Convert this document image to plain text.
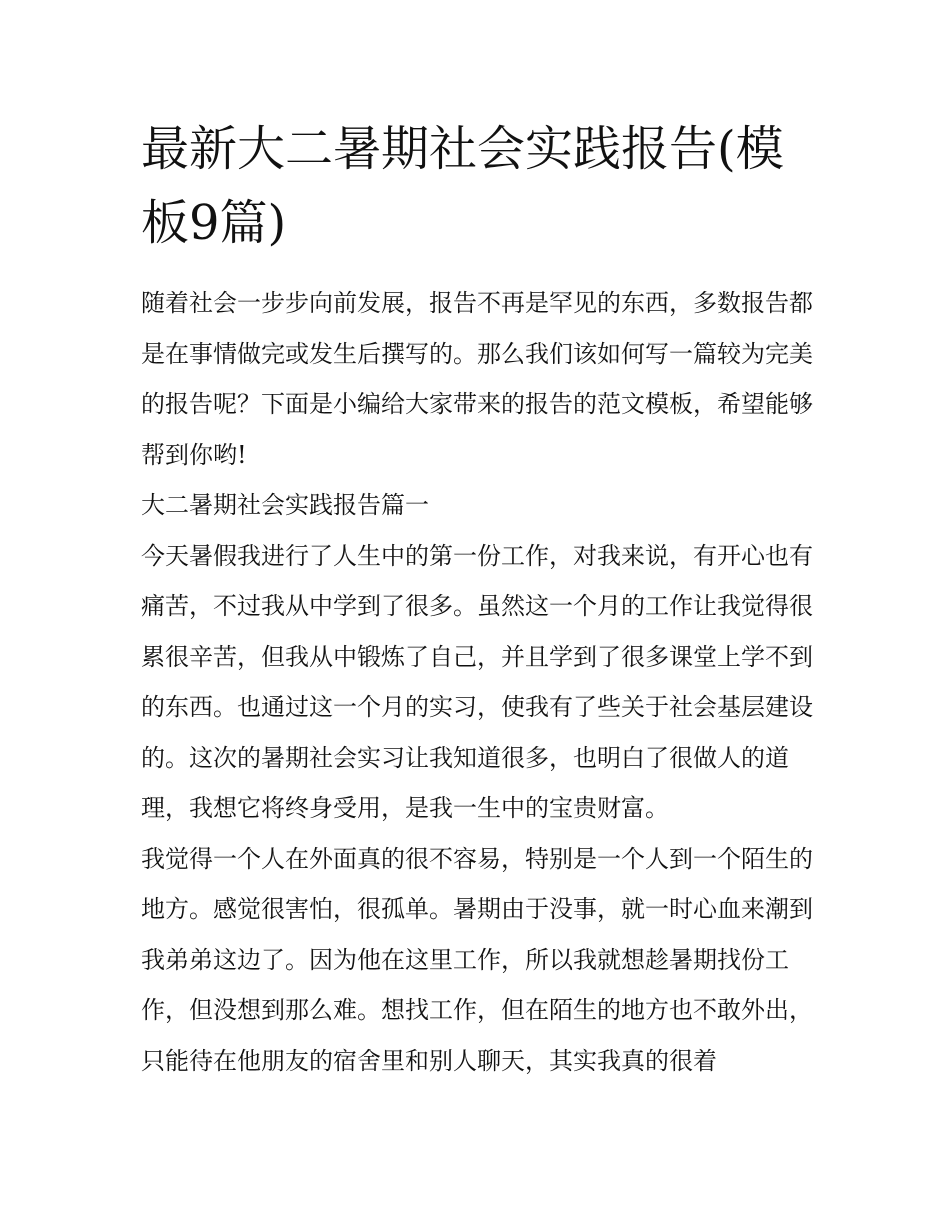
最新大二暑期社会实践报告(模板9篇)

随着社会一步步向前发展，报告不再是罕见的东西，多数报告都是在事情做完或发生后撰写的。那么我们该如何写一篇较为完美的报告呢？下面是小编给大家带来的报告的范文模板，希望能够帮到你哟!

大二暑期社会实践报告篇一

今天暑假我进行了人生中的第一份工作，对我来说，有开心也有痛苦，不过我从中学到了很多。虽然这一个月的工作让我觉得很累很辛苦，但我从中锻炼了自己，并且学到了很多课堂上学不到的东西。也通过这一个月的实习，使我有了些关于社会基层建设的。这次的暑期社会实习让我知道很多，也明白了很做人的道理，我想它将终身受用，是我一生中的宝贵财富。

我觉得一个人在外面真的很不容易，特别是一个人到一个陌生的地方。感觉很害怕，很孤单。暑期由于没事，就一时心血来潮到我弟弟这边了。因为他在这里工作，所以我就想趁暑期找份工作，但没想到那么难。想找工作，但在陌生的地方也不敢外出，只能待在他朋友的宿舍里和别人聊天，其实我真的很着
